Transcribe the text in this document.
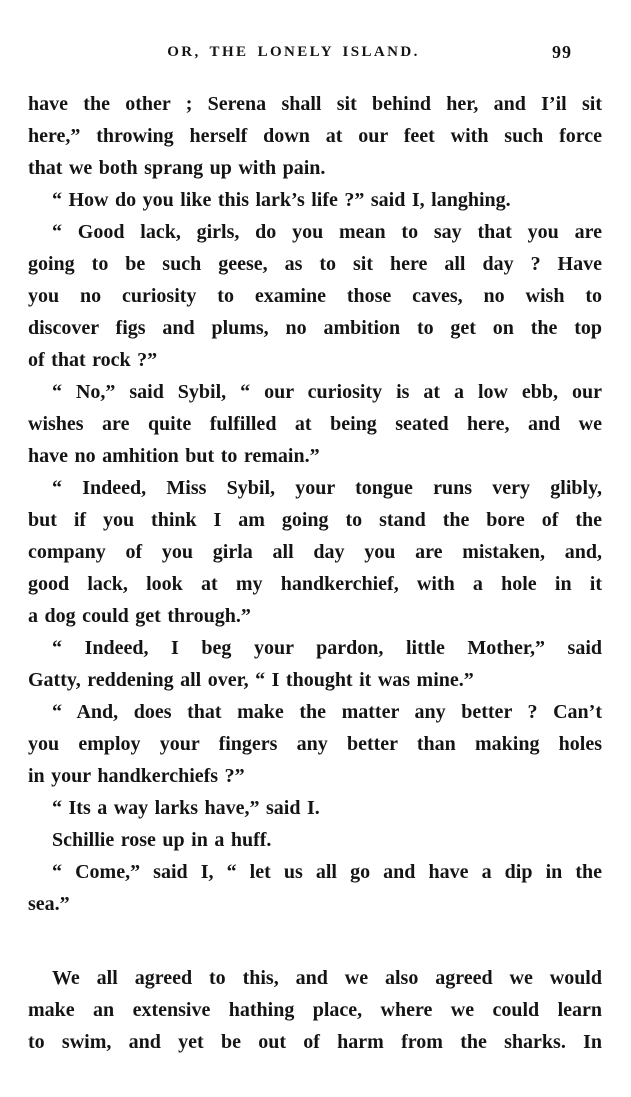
OR, THE LONELY ISLAND.	99
have the other ; Serena shall sit behind her, and I’il sit
here,” throwing herself down at our feet with such force
that we both sprang up with pain.
“ How do you like this lark’s life ?” said I, langhing.
“ Good lack, girls, do you mean to say that you are
going to be such geese, as to sit here all day ? Have
you no curiosity to examine those caves, no wish to
discover figs and plums, no ambition to get on the top
of that rock ?”
“ No,” said Sybil, “ our curiosity is at a low ebb, our
wishes are quite fulfilled at being seated here, and we
have no amhition but to remain.”
“ Indeed, Miss Sybil, your tongue runs very glibly,
but if you think I am going to stand the bore of the
company of you girla all day you are mistaken, and,
good lack, look at my handkerchief, with a hole in it
a dog could get through.”
“ Indeed, I beg your pardon, little Mother,” said
Gatty, reddening all over, “ I thought it was mine.”
“ And, does that make the matter any better ? Can’t
you employ your fingers any better than making holes
in your handkerchiefs ?”
“ Its a way larks have,” said I.
Schillie rose up in a huff.
“ Come,” said I, “ let us all go and have a dip in the
sea.”
We all agreed to this, and we also agreed we would
make an extensive hathing place, where we could learn
to swim, and yet be out of harm from the sharks. In
